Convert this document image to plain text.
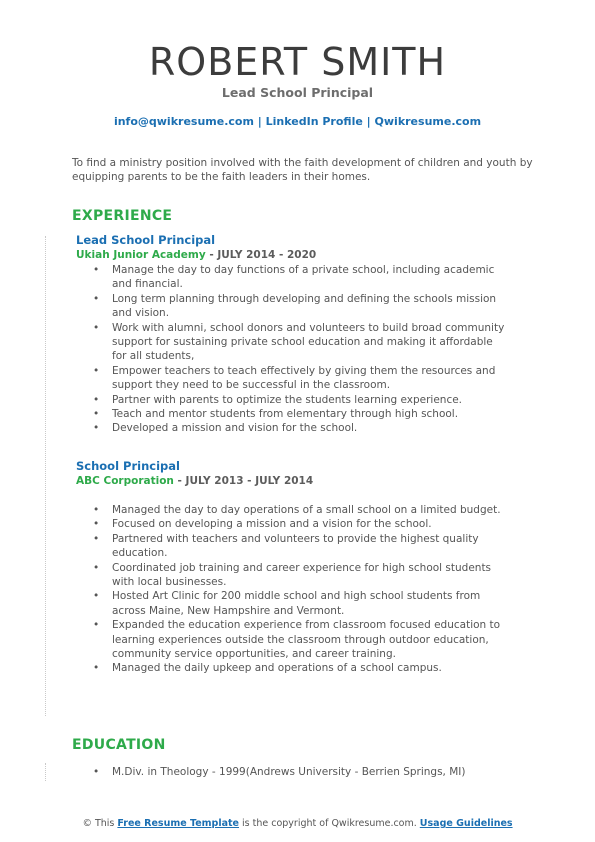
ROBERT SMITH
Lead School Principal
info@qwikresume.com | LinkedIn Profile | Qwikresume.com
To find a ministry position involved with the faith development of children and youth by equipping parents to be the faith leaders in their homes.
EXPERIENCE
Lead School Principal
Ukiah Junior Academy - JULY 2014 - 2020
• Manage the day to day functions of a private school, including academic and financial.
• Long term planning through developing and defining the schools mission and vision.
• Work with alumni, school donors and volunteers to build broad community support for sustaining private school education and making it affordable for all students,
• Empower teachers to teach effectively by giving them the resources and support they need to be successful in the classroom.
• Partner with parents to optimize the students learning experience.
• Teach and mentor students from elementary through high school.
• Developed a mission and vision for the school.
School Principal
ABC Corporation - JULY 2013 - JULY 2014
• Managed the day to day operations of a small school on a limited budget.
• Focused on developing a mission and a vision for the school.
• Partnered with teachers and volunteers to provide the highest quality education.
• Coordinated job training and career experience for high school students with local businesses.
• Hosted Art Clinic for 200 middle school and high school students from across Maine, New Hampshire and Vermont.
• Expanded the education experience from classroom focused education to learning experiences outside the classroom through outdoor education, community service opportunities, and career training.
• Managed the daily upkeep and operations of a school campus.
EDUCATION
• M.Div. in Theology - 1999(Andrews University - Berrien Springs, MI)
© This Free Resume Template is the copyright of Qwikresume.com. Usage Guidelines
